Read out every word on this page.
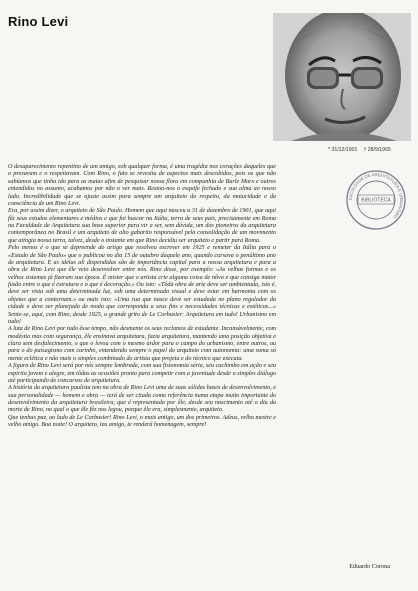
Rino Levi
* 31/12/1901 † 28/9/1965
FACULDADE DE ARQUITETURA E URBANISMO
BIBLIOTECA

O desaparecimento repentino de um amigo, sob qualquer forma, é uma tragédia nos corações daqueles que o prezavam e o respeitavam. Com Rino, o fato se revestiu de aspectos mais descobidos, pois os que não sabíamos que tinha ido para as matas afim de pesquisar nossa flora em companhia de Burle Marx e outros entendidos no assunto, acabamos por não o ver mais. Restou-nos o esquife fechado e sua alma ao nosso lado. Incredibilidade que se ajuste assim para sempre um arquiteto do respeito, da maturidade e da consciência de um Rino Levi.

Era, por assim dizer, o arquiteto de São Paulo. Homem que aqui nasceu a 31 de dezembro de 1901, que aqui fêz seus estudos elementares e médios e que foi buscar na Itália, terra de seus pais, precisamente em Roma na Faculdade de Arquitetura sua base superior para vir a ser, sem dúvida, um dos pioneiros da arquitetura contemporânea no Brasil e um arquiteto de alto gabarito responsável pela consolidação de um movimento que atingia nossa terra, talvez, desde o instante em que Rino decidiu ser arquiteto e partir para Roma.

Pelo menos é o que se depreende do artigo que resolveu escrever em 1925 e remeter da Itália para o «Estado de São Paulo» que o publicou no dia 15 de outubro daquele ano, quando cursava o penúltimo ano de arquitetura. E as idéias ali dispendidas são de importância capital para a nossa arquitetura e para a obra de Rino Levi que êle veio desenvolver entre nós. Rino disse, por exemplo: «As velhas formas e os velhos sistemas já fizeram sua época. É mister que o artista crie alguma coisa de nôvo e que consiga maior fusão entre o que é estrutura e o que é decoração.» Ou isto: «Tôda obra de arte deve ser ambientada, isto é, deve ser vista sob uma determinada luz, sob uma determinada visual e deve estar em harmonia com os objetos que a contornam.» ou mais isto: «Uma rua que nasce deve ser estudada no plano regulador da cidade e deve ser planejada de modo que corresponda a seus fins e necessidades técnicas e estéticas...» Sente-se, aqui, com Rino, desde 1925, o grande grito de Le Corbusier: Arquitetura em tudo! Urbanismo em tudo!

A luta de Rino Levi por tudo êsse tempo, não desmente os seus reclamos de estudante. Incansàvelmente, com modéstia mas com segurança, êle ensinava arquitetura, fazia arquitetura, mantendo uma posição objetiva e clara sem desfalecimento, o que o levou com o mesmo ardor para o campo do urbanismo, entre outros, ou para o do paisagismo com carinho, entendendo sempre o papel do arquiteto com autonomia: uma soma só mente eclética e não mais o simples combinado do artista que projeta e do técnico que executa.

A figura de Rino Levi será por nós sempre lembrada, com sua fisionomia séria, seu cachimbo em ação e seu espírito jovem e alegre, em tôdas as ocasiões pronto para competir com a juventude desde o simples diálogo até participando de concursos de arquitetura.

A história da arquitetura paulista tem na obra de Rino Levi uma de suas sólidas bases de desenvolvimento, e sua personalidade — homem e obra — terá de ser citada como referência numa etapa muito importante do desenvolvimento da arquitetura brasileira, que é representada por êle, desde seu nascimento até o dia da morte de Rino, no qual o que êle fêz nos legou, porque êle era, simplesmente, arquiteto.

Que tenhas paz, ao lado de Le Corbusier! Rino Levi, o mais antigo, um dos primeiros. Adeus, velho mestre e velho amigo. Boa noite! O arquiteto, teu amigo, te renderá homenagem, sempre!

Eduardo Corona
